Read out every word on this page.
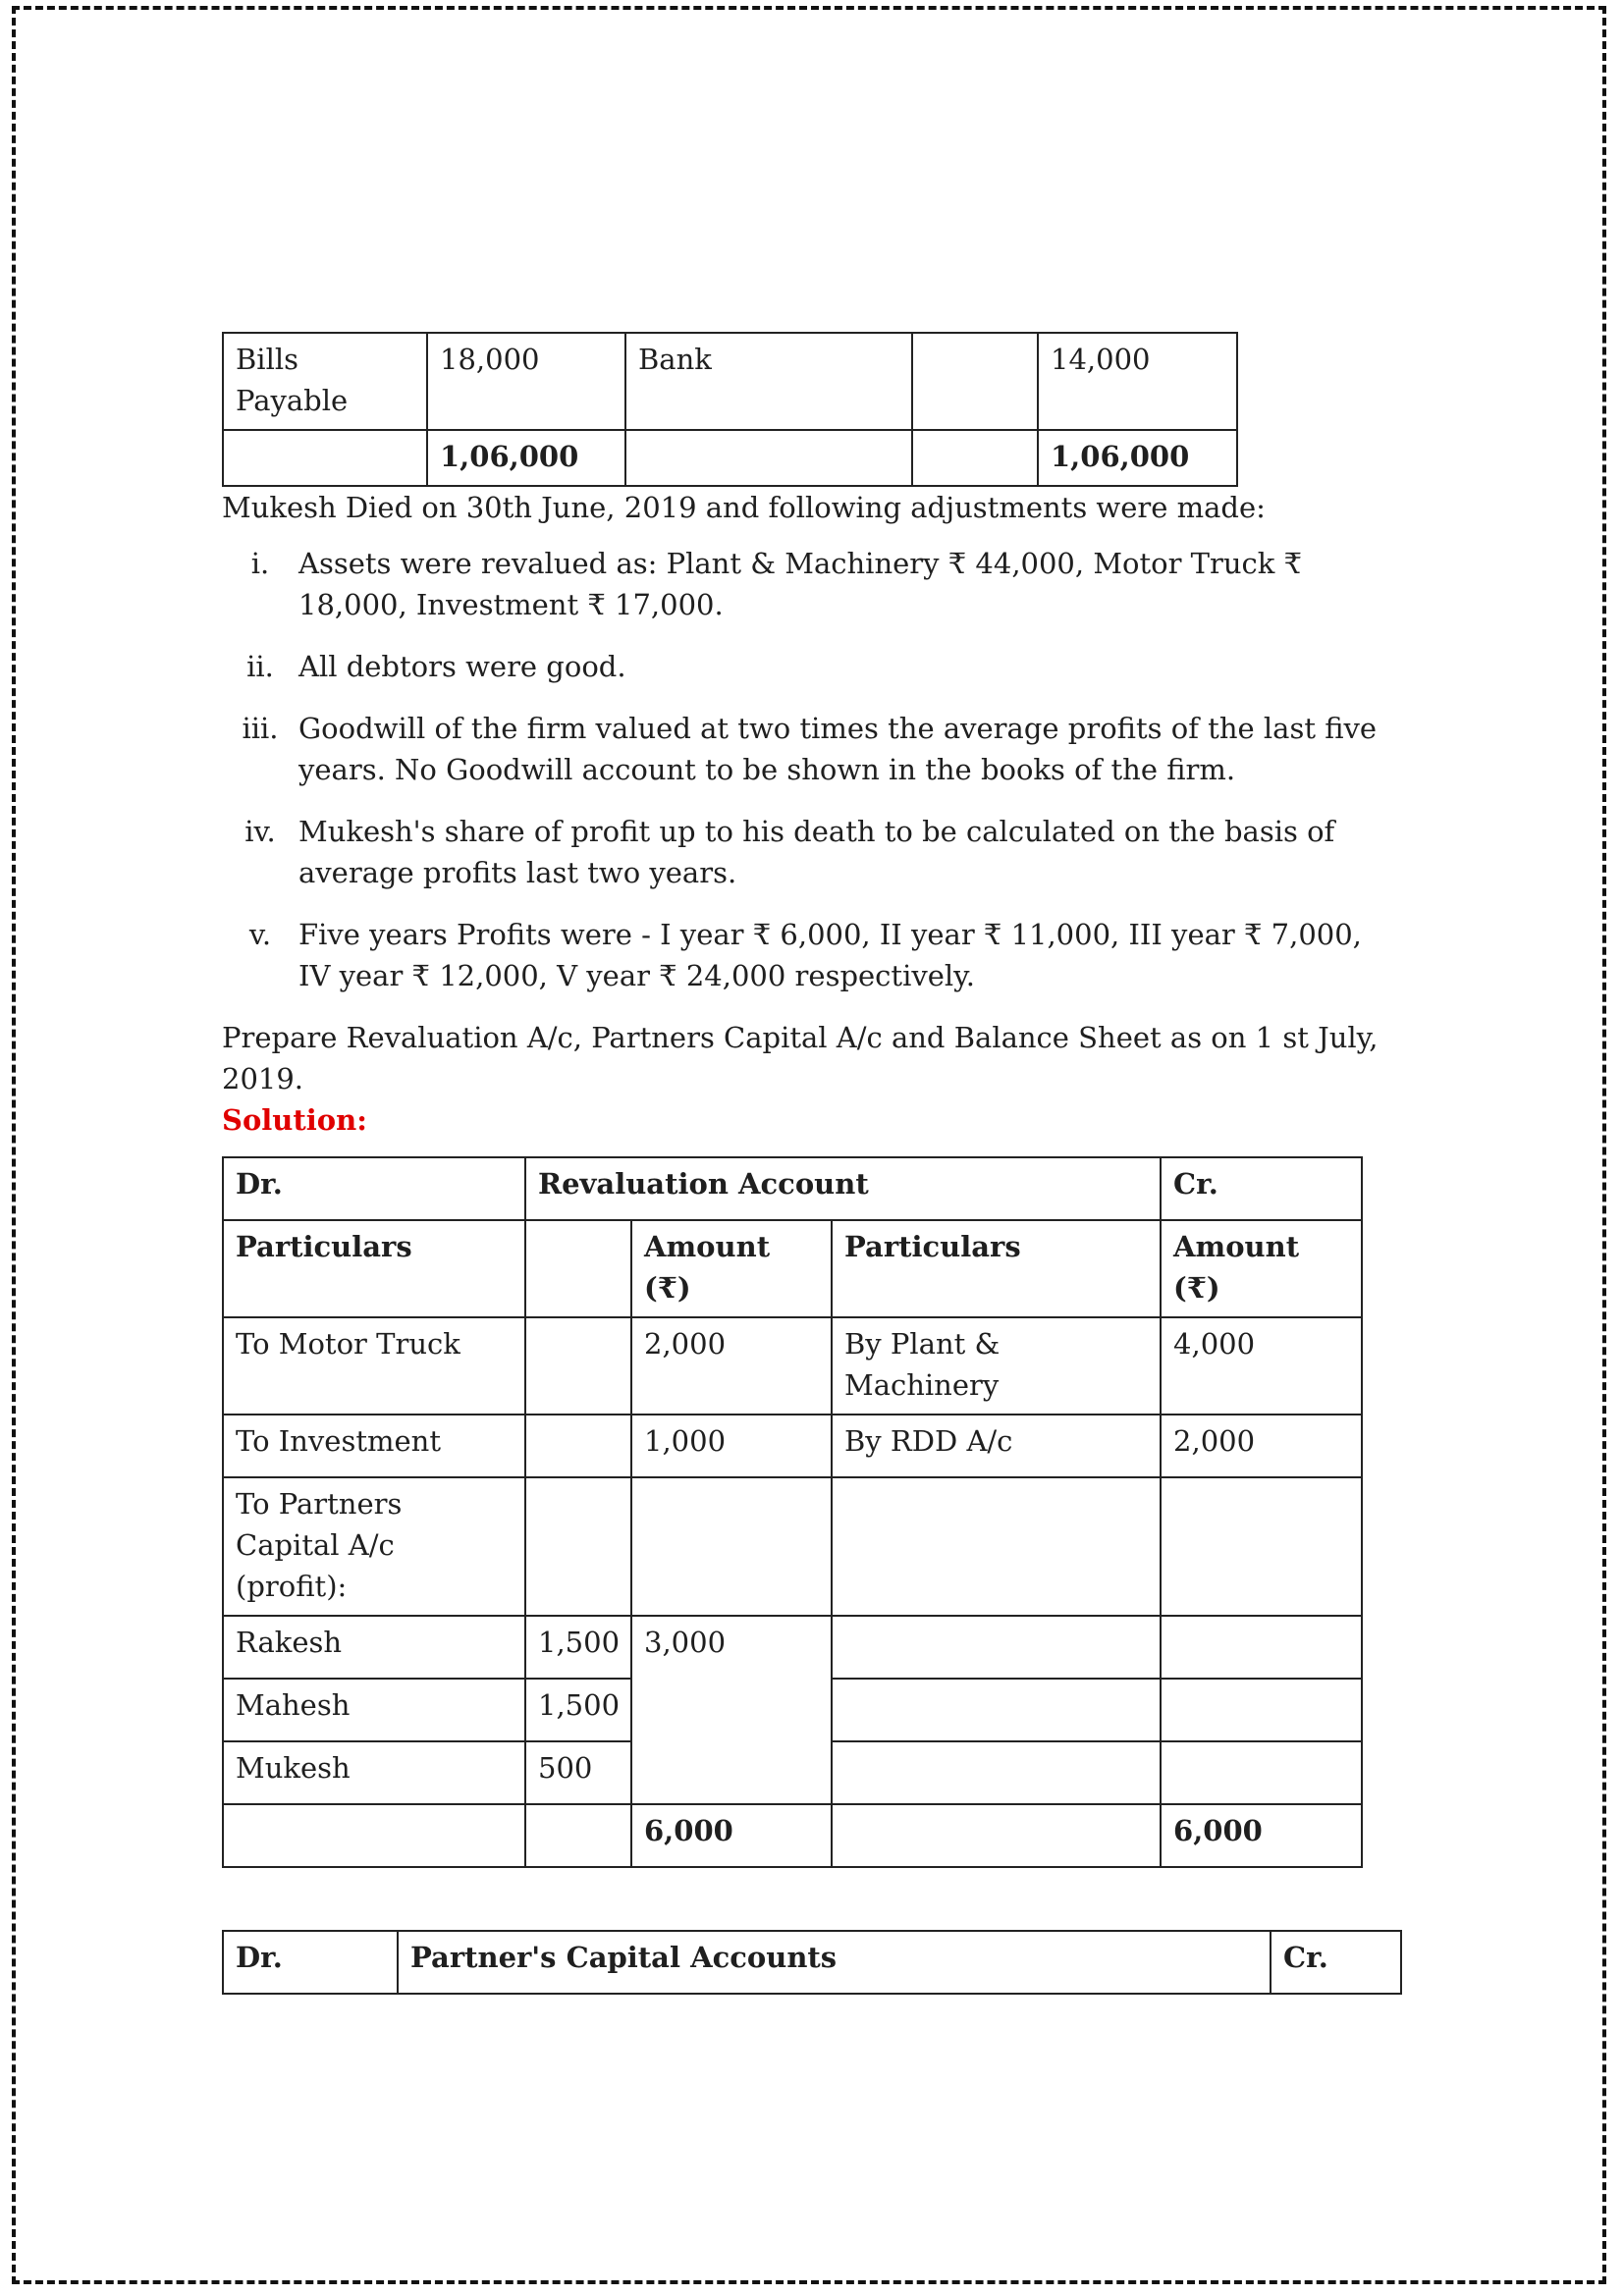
Bills Payable	18,000	Bank		14,000
	1,06,000			1,06,000

Mukesh Died on 30th June, 2019 and following adjustments were made:

i.	Assets were revalued as: Plant & Machinery ₹ 44,000, Motor Truck ₹ 18,000, Investment ₹ 17,000.
ii. All debtors were good.
iii. Goodwill of the firm valued at two times the average profits of the last five years. No Goodwill account to be shown in the books of the firm.
iv. Mukesh's share of profit up to his death to be calculated on the basis of average profits last two years.
v. Five years Profits were - I year ₹ 6,000, II year ₹ 11,000, III year ₹ 7,000, IV year ₹ 12,000, V year ₹ 24,000 respectively.

Prepare Revaluation A/c, Partners Capital A/c and Balance Sheet as on 1 st July, 2019.

Solution:

Dr.	Revaluation Account			Cr.
Particulars		Amount (₹)	Particulars	Amount (₹)
To Motor Truck		2,000	By Plant & Machinery	4,000
To Investment		1,000	By RDD A/c	2,000
To Partners Capital A/c (profit):				
Rakesh	1,500	3,000		
Mahesh	1,500			
Mukesh	500			
		6,000		6,000
Dr.	Partner's Capital Accounts	Cr.
